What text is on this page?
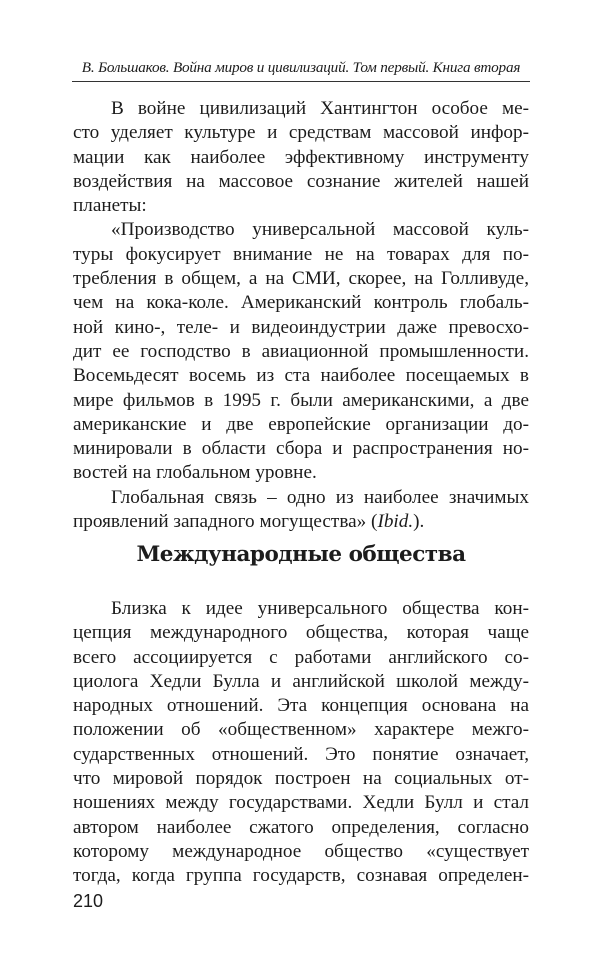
В. Большаков. Война миров и цивилизаций. Том первый. Книга вторая
В войне цивилизаций Хантингтон особое ме-
сто уделяет культуре и средствам массовой инфор-
мации как наиболее эффективному инструменту
воздействия на массовое сознание жителей нашей
планеты:
«Производство универсальной массовой куль-
туры фокусирует внимание не на товарах для по-
требления в общем, а на СМИ, скорее, на Голливуде,
чем на кока-коле. Американский контроль глобаль-
ной кино-, теле- и видеоиндустрии даже превосхо-
дит ее господство в авиационной промышленности.
Восемьдесят восемь из ста наиболее посещаемых в
мире фильмов в 1995 г. были американскими, а две
американские и две европейские организации до-
минировали в области сбора и распространения но-
востей на глобальном уровне.
Глобальная связь – одно из наиболее значимых
проявлений западного могущества» (Ibid.).
Международные общества
Близка к идее универсального общества кон-
цепция международного общества, которая чаще
всего ассоциируется с работами английского со-
циолога Хедли Булла и английской школой между-
народных отношений. Эта концепция основана на
положении об «общественном» характере межго-
сударственных отношений. Это понятие означает,
что мировой порядок построен на социальных от-
ношениях между государствами. Хедли Булл и стал
автором наиболее сжатого определения, согласно
которому международное общество «существует
тогда, когда группа государств, сознавая определен-
210
